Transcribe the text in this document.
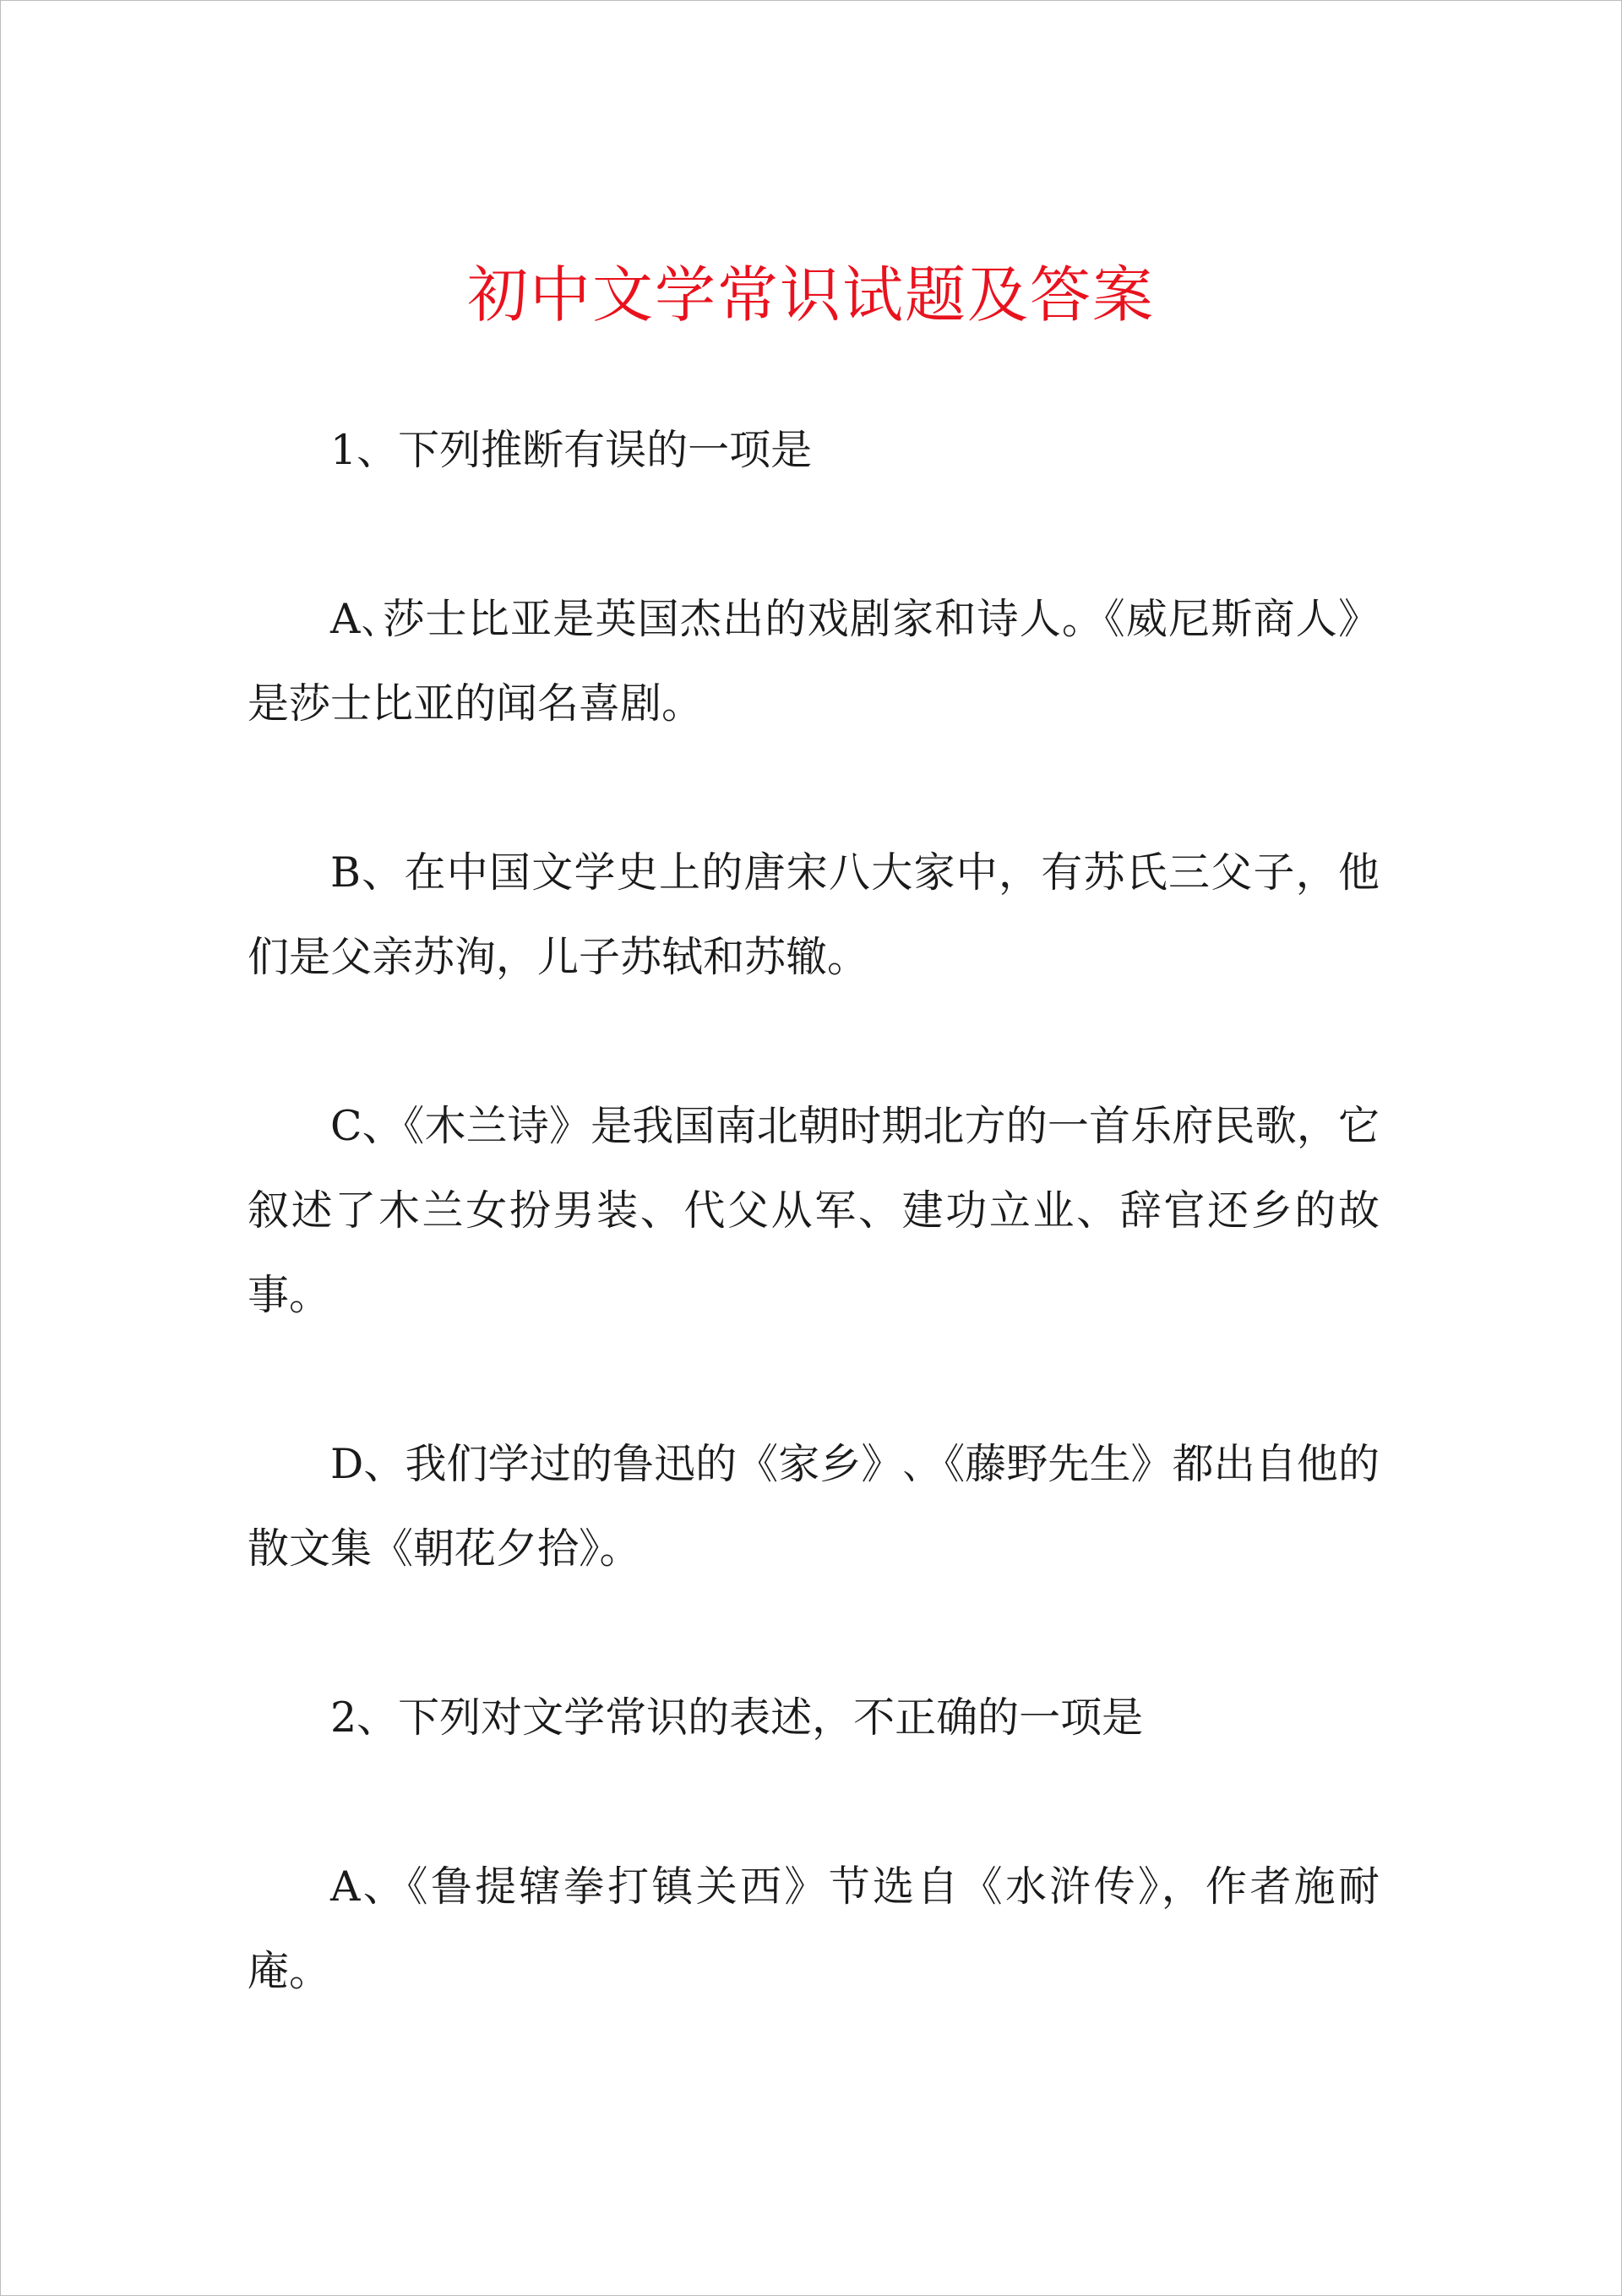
初中文学常识试题及答案

1、下列推断有误的一项是

A､莎士比亚是英国杰出的戏剧家和诗人。《威尼斯商人》是莎士比亚的闻名喜剧。

B、在中国文学史上的唐宋八大家中，有苏氏三父子，他们是父亲苏洵，儿子苏轼和苏辙。

C、《木兰诗》是我国南北朝时期北方的一首乐府民歌，它叙述了木兰女扮男装、代父从军、建功立业、辞官还乡的故事。

D、我们学过的鲁迅的《家乡》､《藤野先生》都出自他的散文集《朝花夕拾》。

2、下列对文学常识的表述，不正确的一项是

A、《鲁提辖拳打镇关西》节选自《水浒传》，作者施耐庵。
